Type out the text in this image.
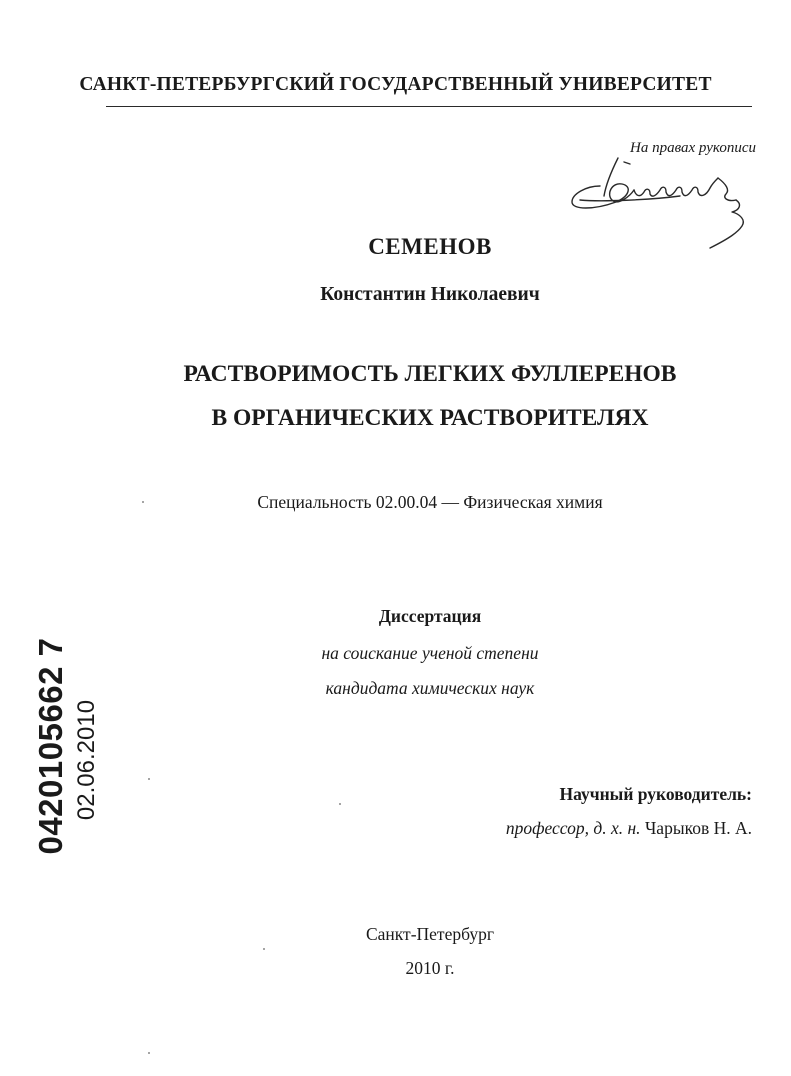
САНКТ-ПЕТЕРБУРГСКИЙ ГОСУДАРСТВЕННЫЙ УНИВЕРСИТЕТ
На правах рукописи
СЕМЕНОВ
Константин Николаевич
РАСТВОРИМОСТЬ ЛЕГКИХ ФУЛЛЕРЕНОВ
В ОРГАНИЧЕСКИХ РАСТВОРИТЕЛЯХ
Специальность 02.00.04 — Физическая химия
Диссертация
на соискание ученой степени
кандидата химических наук
Научный руководитель:
профессор, д. х. н. Чарыков Н. А.
Санкт-Петербург
2010 г.
0420105662 7 02.06.2010
